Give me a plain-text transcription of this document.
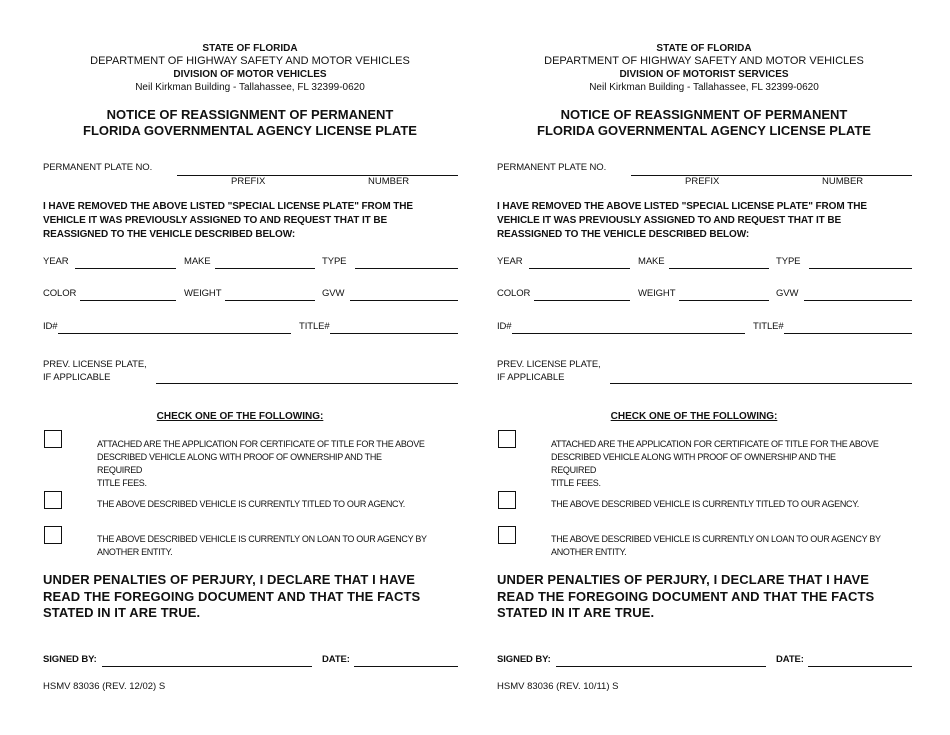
STATE OF FLORIDA
DEPARTMENT OF HIGHWAY SAFETY AND MOTOR VEHICLES
DIVISION OF MOTOR VEHICLES
Neil Kirkman Building - Tallahassee, FL 32399-0620
NOTICE OF REASSIGNMENT OF PERMANENT
FLORIDA GOVERNMENTAL AGENCY LICENSE PLATE
PERMANENT PLATE NO.
PREFIX	NUMBER
I HAVE REMOVED THE ABOVE LISTED "SPECIAL LICENSE PLATE" FROM THE
VEHICLE IT WAS PREVIOUSLY ASSIGNED TO AND REQUEST THAT IT BE
REASSIGNED TO THE VEHICLE DESCRIBED BELOW:
YEAR	MAKE	TYPE
COLOR	WEIGHT	GVW
ID#	TITLE#
PREV. LICENSE PLATE,
IF APPLICABLE
CHECK ONE OF THE FOLLOWING:
ATTACHED ARE THE APPLICATION FOR CERTIFICATE OF TITLE FOR THE ABOVE
DESCRIBED VEHICLE ALONG WITH PROOF OF OWNERSHIP AND THE REQUIRED
TITLE FEES.
THE ABOVE DESCRIBED VEHICLE IS CURRENTLY TITLED TO OUR AGENCY.
THE ABOVE DESCRIBED VEHICLE IS CURRENTLY ON LOAN TO OUR AGENCY BY
ANOTHER ENTITY.
UNDER PENALTIES OF PERJURY, I DECLARE THAT I HAVE
READ THE FOREGOING DOCUMENT AND THAT THE FACTS
STATED IN IT ARE TRUE.
SIGNED BY:	DATE:
HSMV 83036 (REV. 12/02) S
STATE OF FLORIDA
DEPARTMENT OF HIGHWAY SAFETY AND MOTOR VEHICLES
DIVISION OF MOTORIST SERVICES
Neil Kirkman Building - Tallahassee, FL 32399-0620
NOTICE OF REASSIGNMENT OF PERMANENT
FLORIDA GOVERNMENTAL AGENCY LICENSE PLATE
PERMANENT PLATE NO.
PREFIX	NUMBER
I HAVE REMOVED THE ABOVE LISTED "SPECIAL LICENSE PLATE" FROM THE
VEHICLE IT WAS PREVIOUSLY ASSIGNED TO AND REQUEST THAT IT BE
REASSIGNED TO THE VEHICLE DESCRIBED BELOW:
YEAR	MAKE	TYPE
COLOR	WEIGHT	GVW
ID#	TITLE#
PREV. LICENSE PLATE,
IF APPLICABLE
CHECK ONE OF THE FOLLOWING:
ATTACHED ARE THE APPLICATION FOR CERTIFICATE OF TITLE FOR THE ABOVE
DESCRIBED VEHICLE ALONG WITH PROOF OF OWNERSHIP AND THE REQUIRED
TITLE FEES.
THE ABOVE DESCRIBED VEHICLE IS CURRENTLY TITLED TO OUR AGENCY.
THE ABOVE DESCRIBED VEHICLE IS CURRENTLY ON LOAN TO OUR AGENCY BY
ANOTHER ENTITY.
UNDER PENALTIES OF PERJURY, I DECLARE THAT I HAVE
READ THE FOREGOING DOCUMENT AND THAT THE FACTS
STATED IN IT ARE TRUE.
SIGNED BY:	DATE:
HSMV 83036 (REV. 10/11) S
